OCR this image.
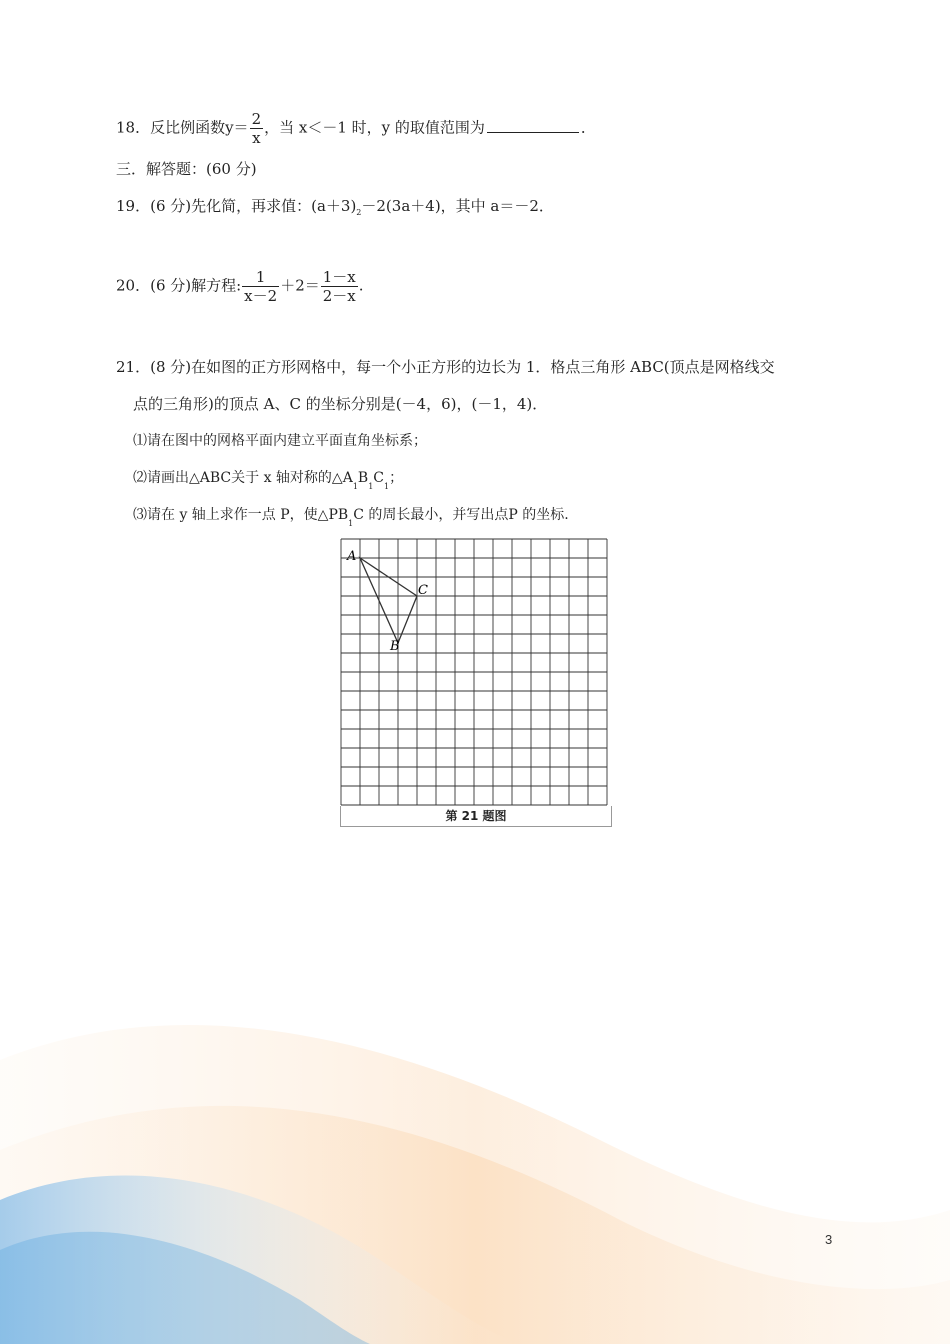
18．反比例函数$y= \frac{2}{x}$ ，当 x＜－1 时，y 的取值范围为	．
三．解答题：(60 分)
19．(6 分)先化简，再求值：$(a+3)_2-2(3a+4)$，其中 a＝－2．
20．(6 分)解方程: $\frac{1}{x-2} +2= \frac{1-x}{2-x}$ .
21．(8 分)在如图的正方形网格中，每一个小正方形的边长为 1．格点三角形 ABC(顶点是网格线交
点的三角形)的顶点 A、C 的坐标分别是(－4，6)，(－1，4)．
⑴请在图中的网格平面内建立平面直角坐标系；
⑵请画出△ABC关于 x 轴对称的$\triangle A_1B_1C_1$；
⑶请在 y 轴上求作一点 P，使$\triangle PB_1C$ 的周长最小，并写出点P 的坐标.
A
C
B
第 21 题图
3
